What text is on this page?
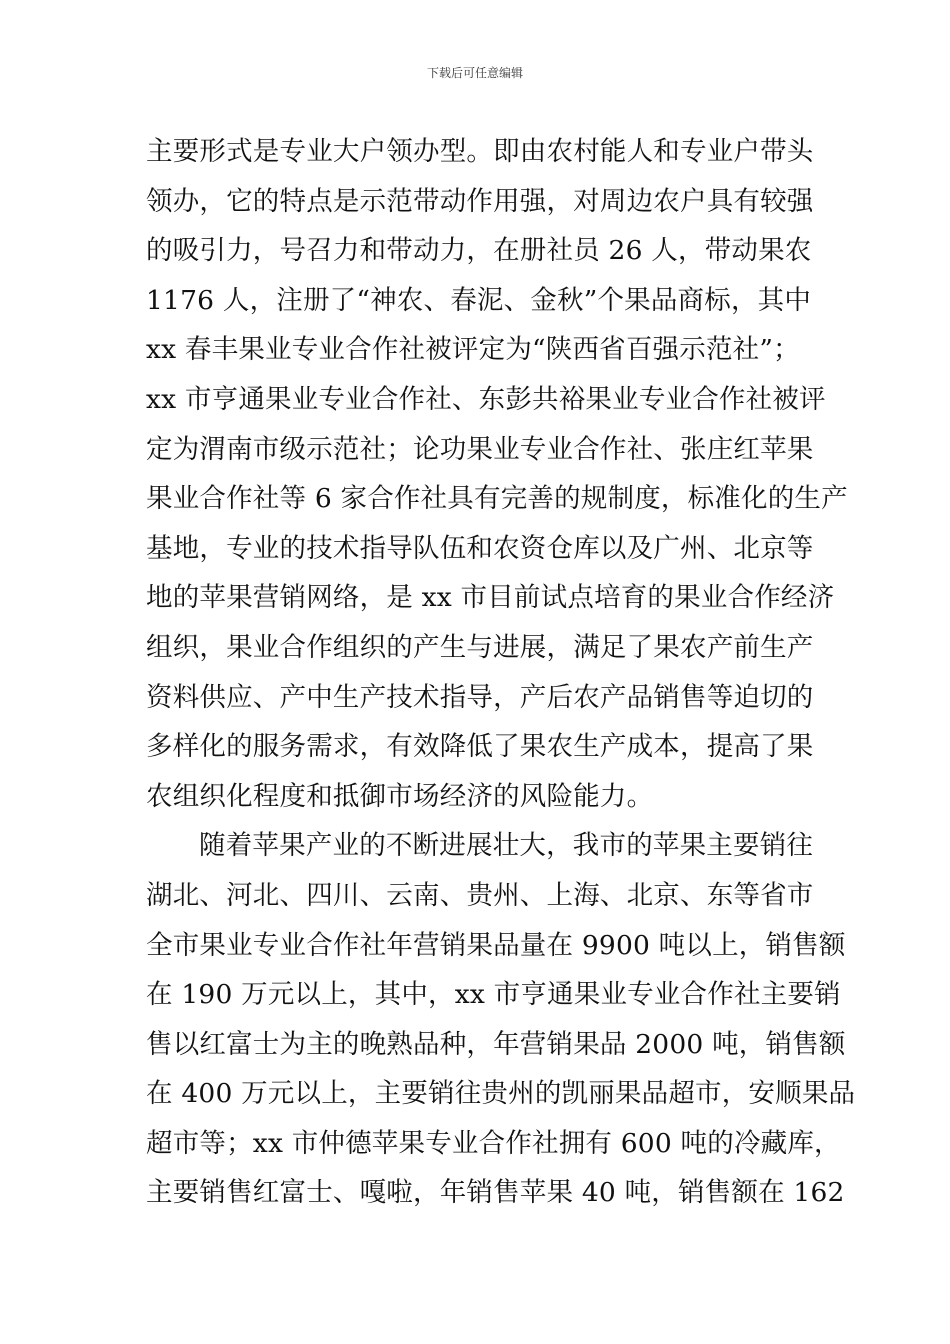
下载后可任意编辑
主要形式是专业大户领办型。即由农村能人和专业户带头
领办，它的特点是示范带动作用强，对周边农户具有较强
的吸引力，号召力和带动力，在册社员 26 人，带动果农
1176 人，注册了“神农、春泥、金秋”个果品商标，其中
xx 春丰果业专业合作社被评定为“陕西省百强示范社”；
xx 市亨通果业专业合作社、东彭共裕果业专业合作社被评
定为渭南市级示范社；论功果业专业合作社、张庄红苹果
果业合作社等 6 家合作社具有完善的规制度，标准化的生产
基地，专业的技术指导队伍和农资仓库以及广州、北京等
地的苹果营销网络，是 xx 市目前试点培育的果业合作经济
组织，果业合作组织的产生与进展，满足了果农产前生产
资料供应、产中生产技术指导，产后农产品销售等迫切的
多样化的服务需求，有效降低了果农生产成本，提高了果
农组织化程度和抵御市场经济的风险能力。
随着苹果产业的不断进展壮大，我市的苹果主要销往
湖北、河北、四川、云南、贵州、上海、北京、东等省市
全市果业专业合作社年营销果品量在 9900 吨以上，销售额
在 190 万元以上，其中，xx 市亨通果业专业合作社主要销
售以红富士为主的晚熟品种，年营销果品 2000 吨，销售额
在 400 万元以上，主要销往贵州的凯丽果品超市，安顺果品
超市等；xx 市仲德苹果专业合作社拥有 600 吨的冷藏库，
主要销售红富士、嘎啦，年销售苹果 40 吨，销售额在 162
